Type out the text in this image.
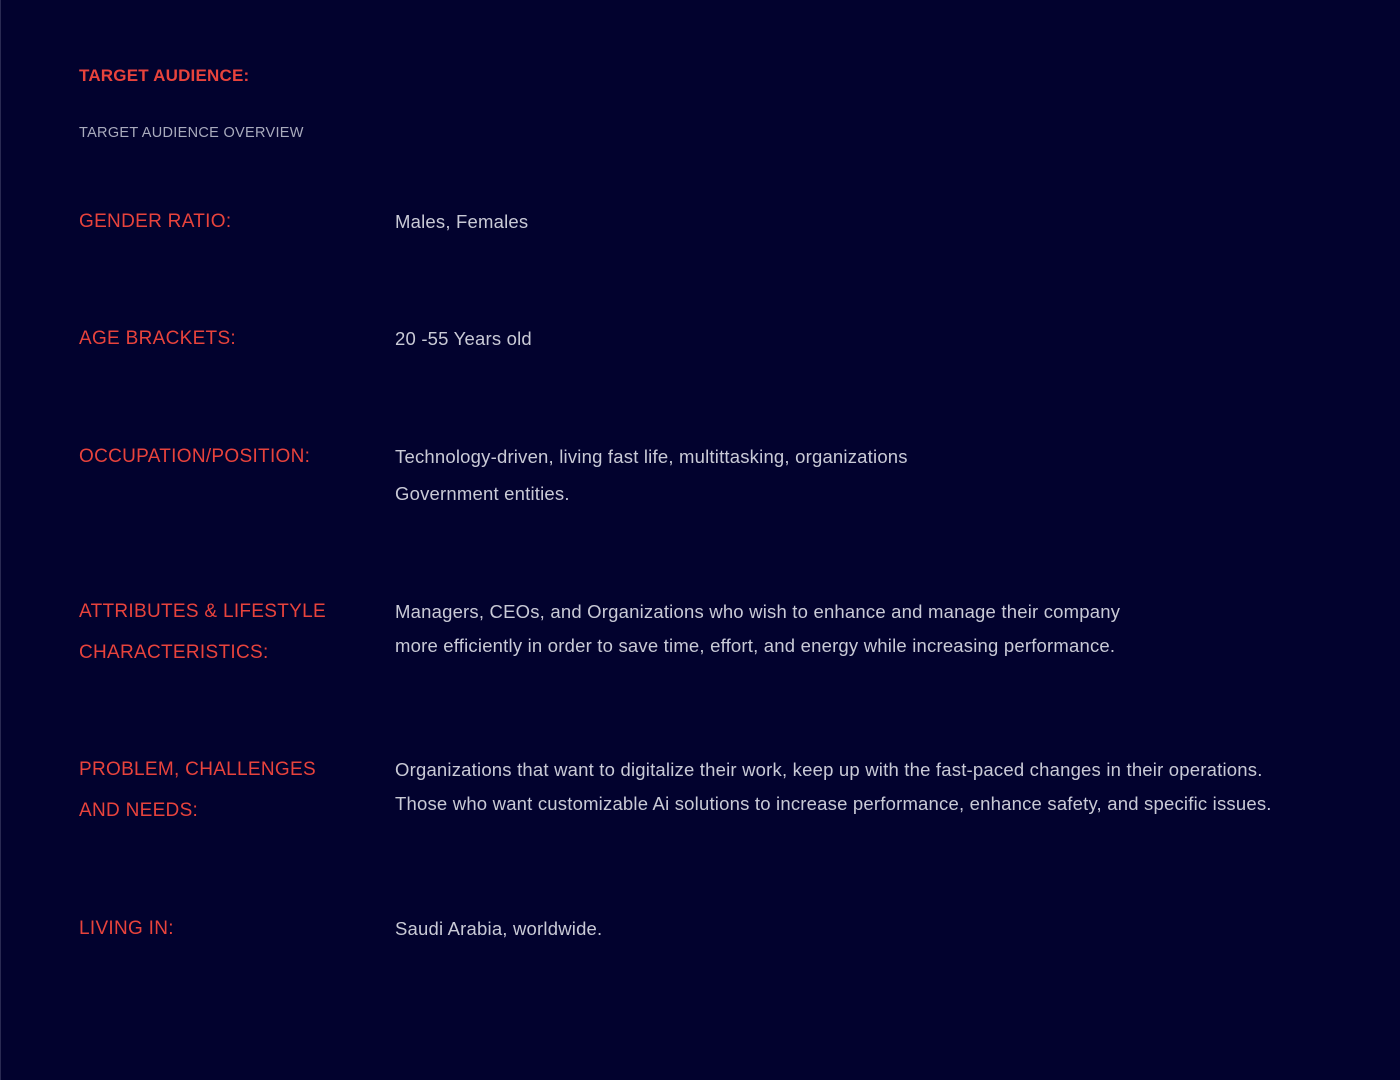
TARGET AUDIENCE:
TARGET AUDIENCE OVERVIEW
GENDER RATIO:	Males, Females
AGE BRACKETS:	20 -55 Years old
OCCUPATION/POSITION:	Technology-driven, living fast life, multittasking, organizations
Government entities.
ATTRIBUTES & LIFESTYLE
CHARACTERISTICS:
Managers, CEOs, and Organizations who wish to enhance and manage their company
more efficiently in order to save time, effort, and energy while increasing performance.
PROBLEM, CHALLENGES
AND NEEDS:
Organizations that want to digitalize their work, keep up with the fast-paced changes in their operations.
Those who want customizable Ai solutions to increase performance, enhance safety, and specific issues.
LIVING IN:	Saudi Arabia, worldwide.
